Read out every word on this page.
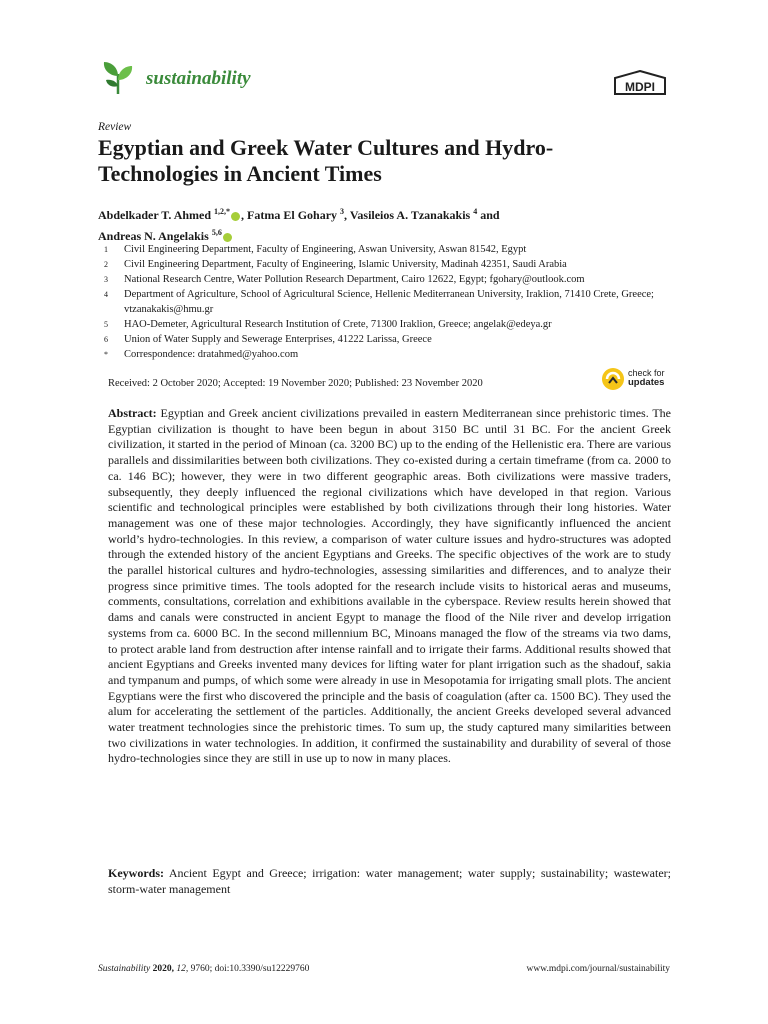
sustainability	MDPI
Review
Egyptian and Greek Water Cultures and Hydro-Technologies in Ancient Times
Abdelkader T. Ahmed $^{1,2,*}$ , Fatma El Gohary $^3$, Vasileios A. Tzanakakis $^4$ and
Andreas N. Angelakis $^{5,6}$
1	Civil Engineering Department, Faculty of Engineering, Aswan University, Aswan 81542, Egypt
2	Civil Engineering Department, Faculty of Engineering, Islamic University, Madinah 42351, Saudi Arabia
3	National Research Centre, Water Pollution Research Department, Cairo 12622, Egypt; fgohary@outlook.com
4	Department of Agriculture, School of Agricultural Science, Hellenic Mediterranean University, Iraklion, 71410 Crete, Greece; vtzanakakis@hmu.gr
5	HAO-Demeter, Agricultural Research Institution of Crete, 71300 Iraklion, Greece; angelak@edeya.gr
6	Union of Water Supply and Sewerage Enterprises, 41222 Larissa, Greece
*	Correspondence: dratahmed@yahoo.com
Received: 2 October 2020; Accepted: 19 November 2020; Published: 23 November 2020
check for
updates
Abstract: Egyptian and Greek ancient civilizations prevailed in eastern Mediterranean since prehistoric times. The Egyptian civilization is thought to have been begun in about 3150 BC until 31 BC. For the ancient Greek civilization, it started in the period of Minoan (ca. 3200 BC) up to the ending of the Hellenistic era. There are various parallels and dissimilarities between both civilizations. They co-existed during a certain timeframe (from ca. 2000 to ca. 146 BC); however, they were in two different geographic areas. Both civilizations were massive traders, subsequently, they deeply influenced the regional civilizations which have developed in that region. Various scientific and technological principles were established by both civilizations through their long histories. Water management was one of these major technologies. Accordingly, they have significantly influenced the ancient world’s hydro-technologies. In this review, a comparison of water culture issues and hydro-structures was adopted through the extended history of the ancient Egyptians and Greeks. The specific objectives of the work are to study the parallel historical cultures and hydro-technologies, assessing similarities and differences, and to analyze their progress since primitive times. The tools adopted for the research include visits to historical aeras and museums, comments, consultations, correlation and exhibitions available in the cyberspace. Review results herein showed that dams and canals were constructed in ancient Egypt to manage the flood of the Nile river and develop irrigation systems from ca. 6000 BC. In the second millennium BC, Minoans managed the flow of the streams via two dams, to protect arable land from destruction after intense rainfall and to irrigate their farms. Additional results showed that ancient Egyptians and Greeks invented many devices for lifting water for plant irrigation such as the shadouf, sakia and tympanum and pumps, of which some were already in use in Mesopotamia for irrigating small plots. The ancient Egyptians were the first who discovered the principle and the basis of coagulation (after ca. 1500 BC). They used the alum for accelerating the settlement of the particles. Additionally, the ancient Greeks developed several advanced water treatment technologies since the prehistoric times. To sum up, the study captured many similarities between two civilizations in water technologies. In addition, it confirmed the sustainability and durability of several of those hydro-technologies since they are still in use up to now in many places.
Keywords: Ancient Egypt and Greece; irrigation: water management; water supply; sustainability; wastewater; storm-water management
Sustainability 2020, 12, 9760; doi:10.3390/su12229760	www.mdpi.com/journal/sustainability
